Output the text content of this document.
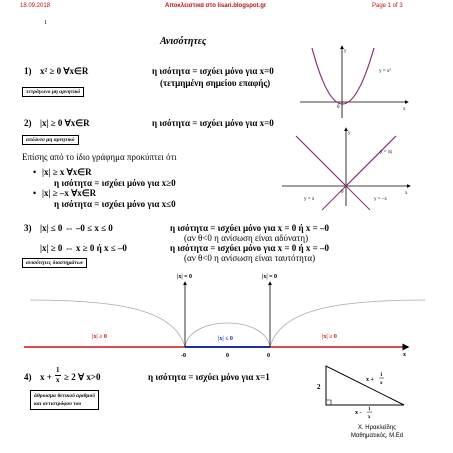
18.09.2018	Αποκλειστικά στο lisari.blogspot.gr	Page 1 of 3
1
Ανισότητες
1) x² ≥ 0 ∀x∈R	η ισότητα = ισχύει μόνο για x=0
(τετμημένη σημείου επαφής)
τετράγωνο μη αρνητικό
y
x
0
y = x²
2) |x| ≥ 0 ∀x∈R	η ισότητα = ισχύει μόνο για x=0
απόλυτο μη αρνητικό
Επίσης από το ίδιο γράφημα προκύπτει ότι
• |x| ≥ x ∀x∈R
η ισότητα = ισχύει μόνο για x≥0
• |x| ≥ –x ∀x∈R
η ισότητα = ισχύει μόνο για x≤0
y
x
0
y = |x|
y = x	y = –x
3) |x| ≤ 0 ⇔ –0 ≤ x ≤ 0	η ισότητα = ισχύει μόνο για x = 0 ή x = –0
(αν θ<0 η ανίσωση είναι αδύνατη)
|x| ≥ 0 ⇔ x ≥ 0 ή x ≤ –0	η ισότητα = ισχύει μόνο για x = 0 ή x = –0
(αν θ<0 η ανίσωση είναι ταυτότητα)
ανισότητες διαστημάτων
|x| = 0	|x| = 0
|x| ≥ 0	|x| ≤ 0	|x| ≥ 0
-0	0	0	x
4) x +
1
x ≥ 2 ∀ x>0	η ισότητα = ισχύει μόνο για x=1
άθροισμα θετικού αριθμού
και αντιστρόφου του
2
x +
1
x
x -
1
x
Χ. Ηρακλείδης
Μαθηματικός, M.Ed
